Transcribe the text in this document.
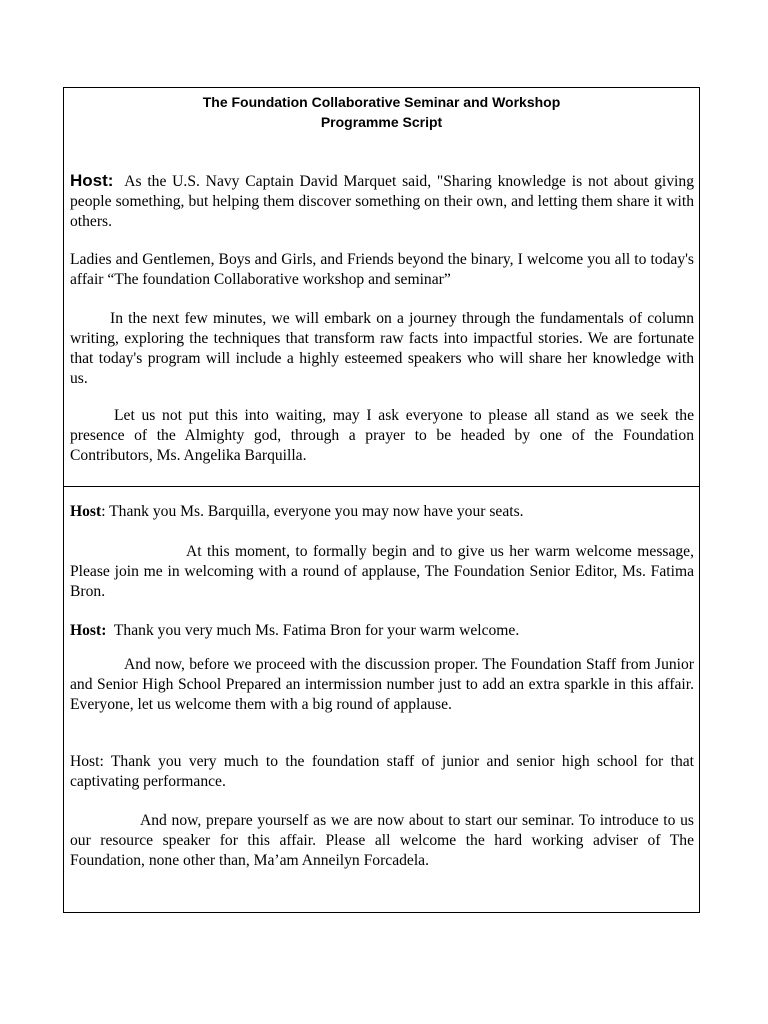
The Foundation Collaborative Seminar and Workshop
Programme Script

Host: As the U.S. Navy Captain David Marquet said, "Sharing knowledge is not about giving people something, but helping them discover something on their own, and letting them share it with others.

Ladies and Gentlemen, Boys and Girls, and Friends beyond the binary, I welcome you all to today's affair “The foundation Collaborative workshop and seminar”

In the next few minutes, we will embark on a journey through the fundamentals of column writing, exploring the techniques that transform raw facts into impactful stories. We are fortunate that today's program will include a highly esteemed speakers who will share her knowledge with us.

Let us not put this into waiting, may I ask everyone to please all stand as we seek the presence of the Almighty god, through a prayer to be headed by one of the Foundation Contributors, Ms. Angelika Barquilla.

Host: Thank you Ms. Barquilla, everyone you may now have your seats.

At this moment, to formally begin and to give us her warm welcome message, Please join me in welcoming with a round of applause, The Foundation Senior Editor, Ms. Fatima Bron.

Host: Thank you very much Ms. Fatima Bron for your warm welcome.

And now, before we proceed with the discussion proper. The Foundation Staff from Junior and Senior High School Prepared an intermission number just to add an extra sparkle in this affair. Everyone, let us welcome them with a big round of applause.

Host: Thank you very much to the foundation staff of junior and senior high school for that captivating performance.

And now, prepare yourself as we are now about to start our seminar. To introduce to us our resource speaker for this affair. Please all welcome the hard working adviser of The Foundation, none other than, Ma’am Anneilyn Forcadela.
